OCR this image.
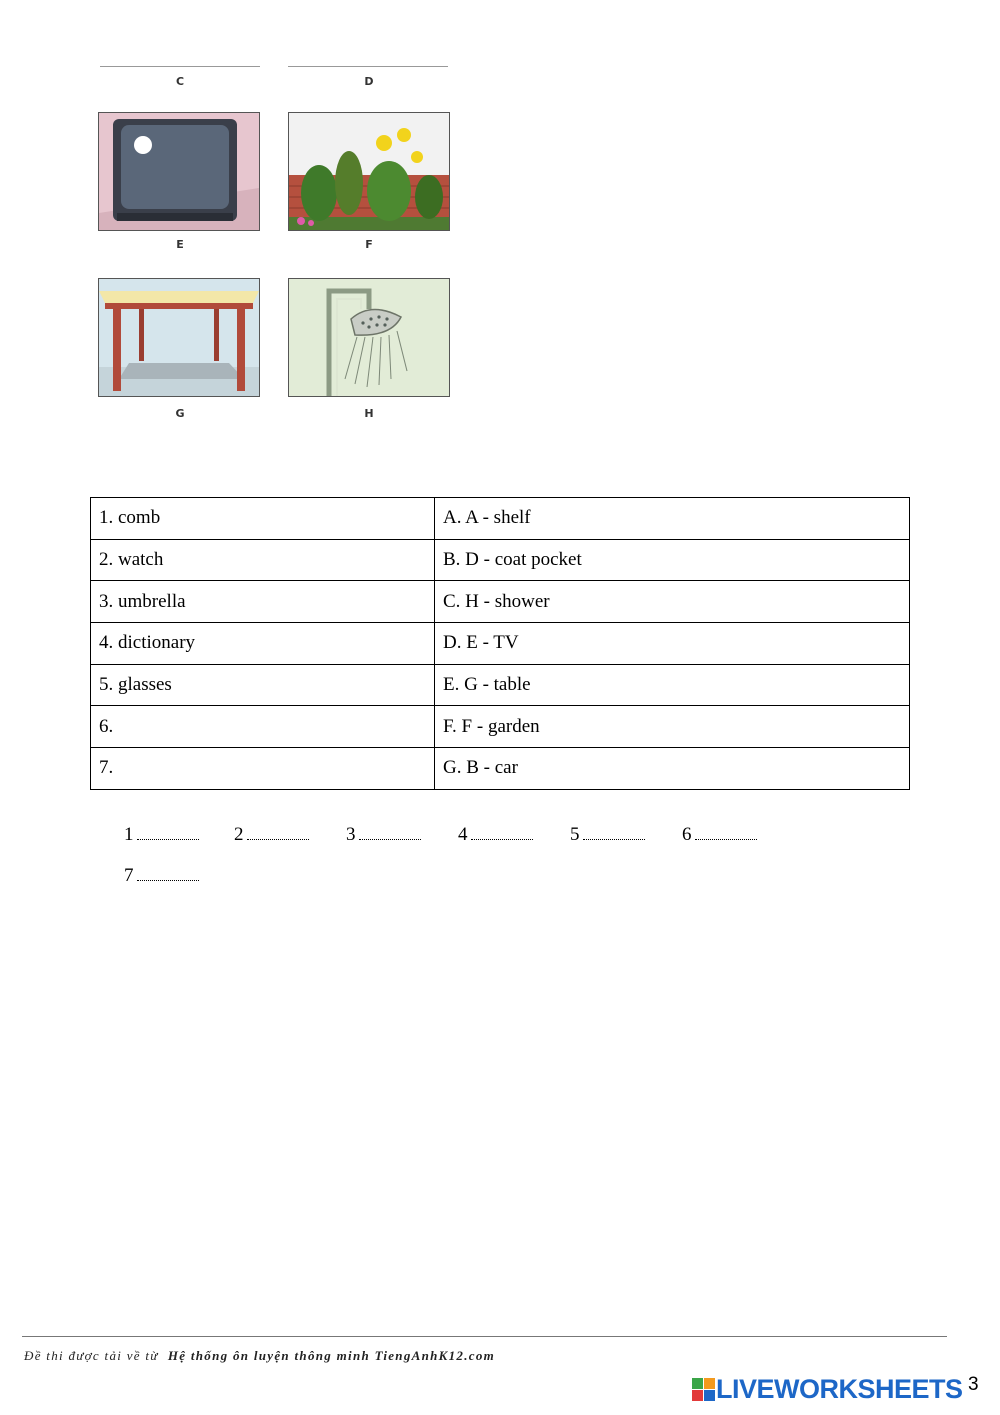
C	D
E	F
G	H
1. comb	A. A - shelf
2. watch	B. D - coat pocket
3. umbrella	C. H - shower
4. dictionary	D. E - TV
5. glasses	E. G - table
6.	F. F - garden
7.	G. B - car
1	2	3	4	5	6
7
Đề thi được tải về từ Hệ thống ôn luyện thông minh TiengAnhK12.com
LIVEWORKSHEETS 3
